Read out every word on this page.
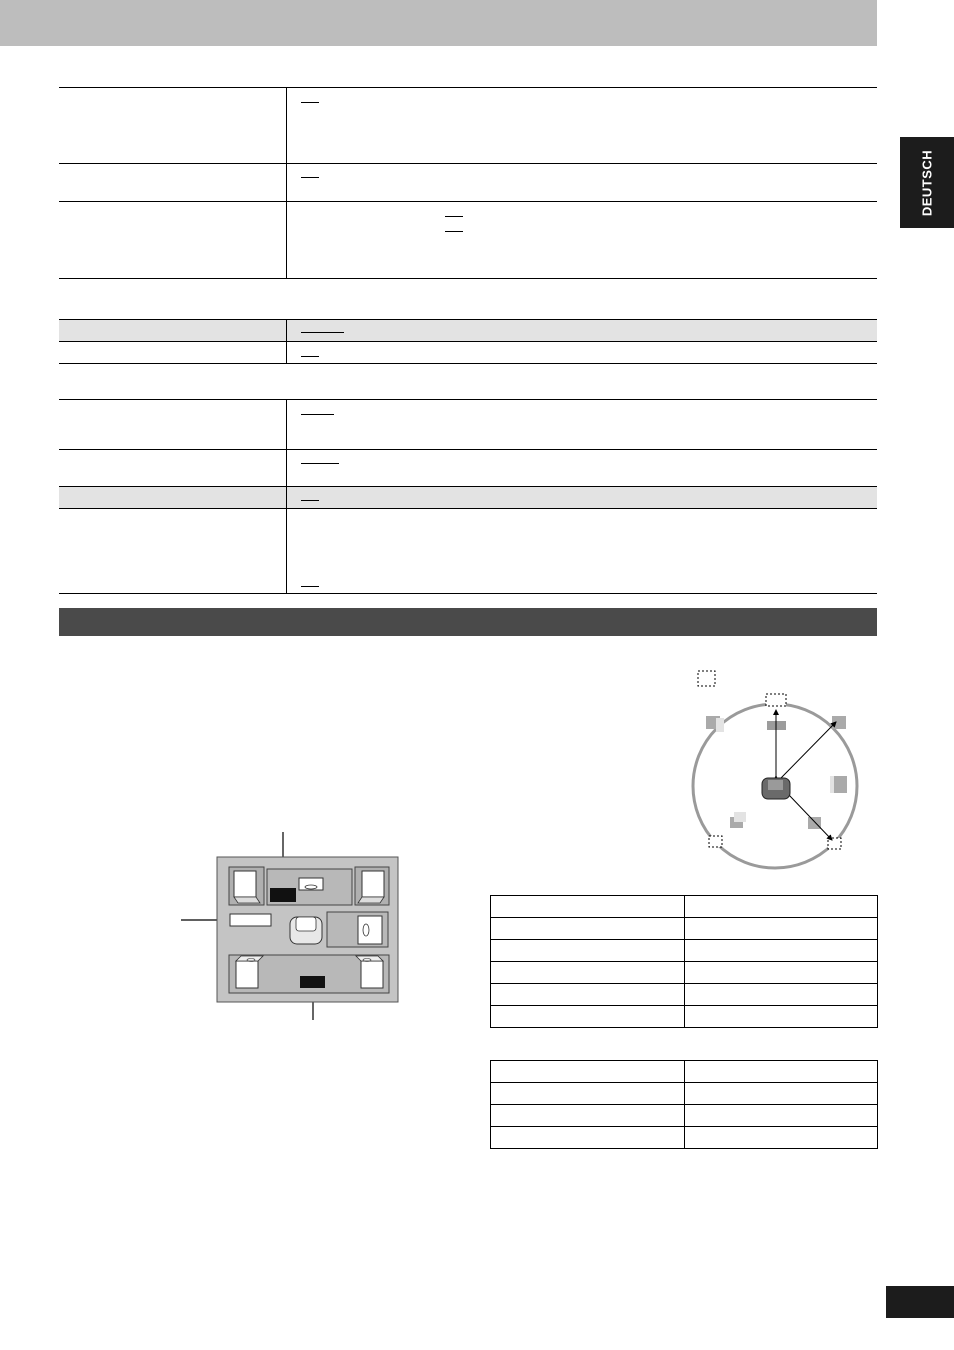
DEUTSCH
